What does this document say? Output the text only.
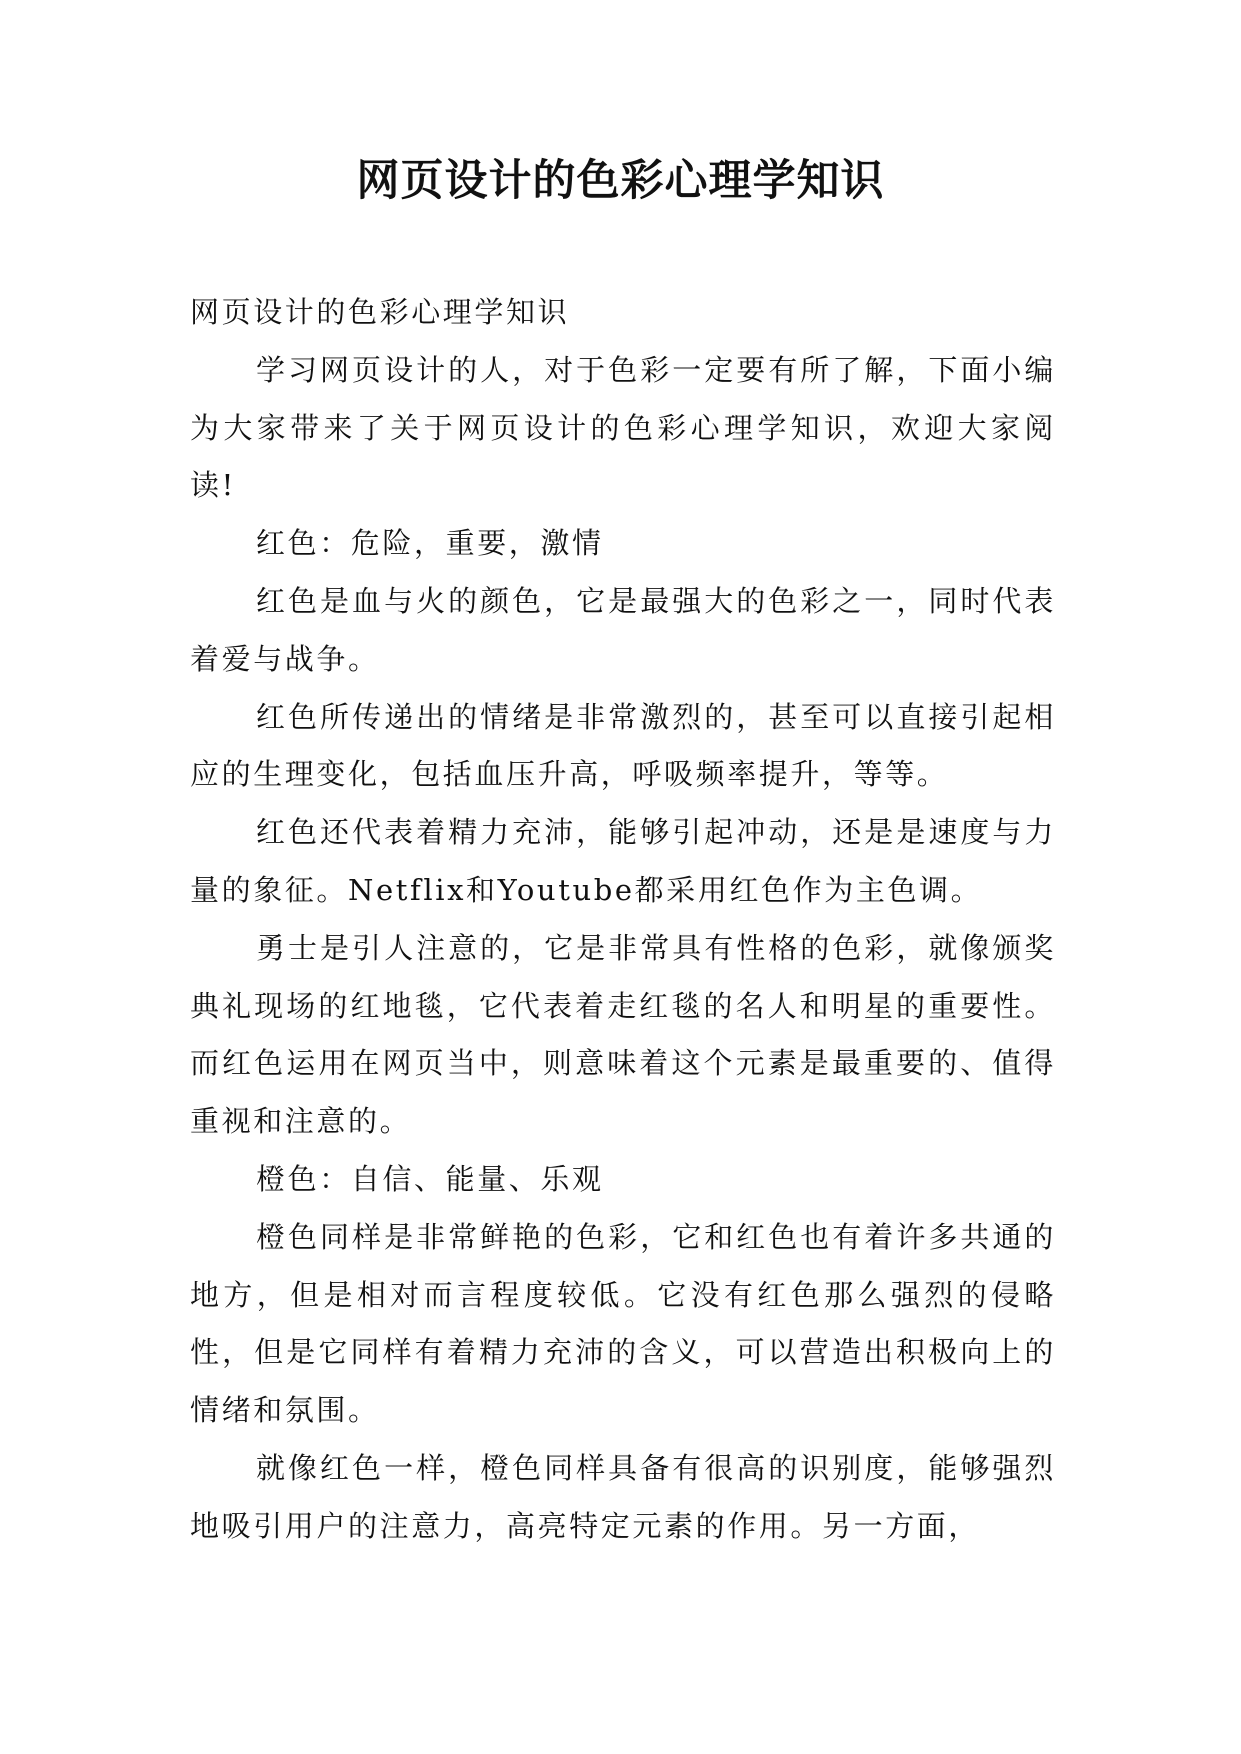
网页设计的色彩心理学知识

网页设计的色彩心理学知识

学习网页设计的人，对于色彩一定要有所了解，下面小编为大家带来了关于网页设计的色彩心理学知识，欢迎大家阅读!

红色：危险，重要，激情

红色是血与火的颜色，它是最强大的色彩之一，同时代表着爱与战争。

红色所传递出的情绪是非常激烈的，甚至可以直接引起相应的生理变化，包括血压升高，呼吸频率提升，等等。

红色还代表着精力充沛，能够引起冲动，还是是速度与力量的象征。Netflix和Youtube都采用红色作为主色调。

勇士是引人注意的，它是非常具有性格的色彩，就像颁奖典礼现场的红地毯，它代表着走红毯的名人和明星的重要性。而红色运用在网页当中，则意味着这个元素是最重要的、值得重视和注意的。

橙色：自信、能量、乐观

橙色同样是非常鲜艳的色彩，它和红色也有着许多共通的地方，但是相对而言程度较低。它没有红色那么强烈的侵略性，但是它同样有着精力充沛的含义，可以营造出积极向上的情绪和氛围。

就像红色一样，橙色同样具备有很高的识别度，能够强烈地吸引用户的注意力，高亮特定元素的作用。另一方面，
